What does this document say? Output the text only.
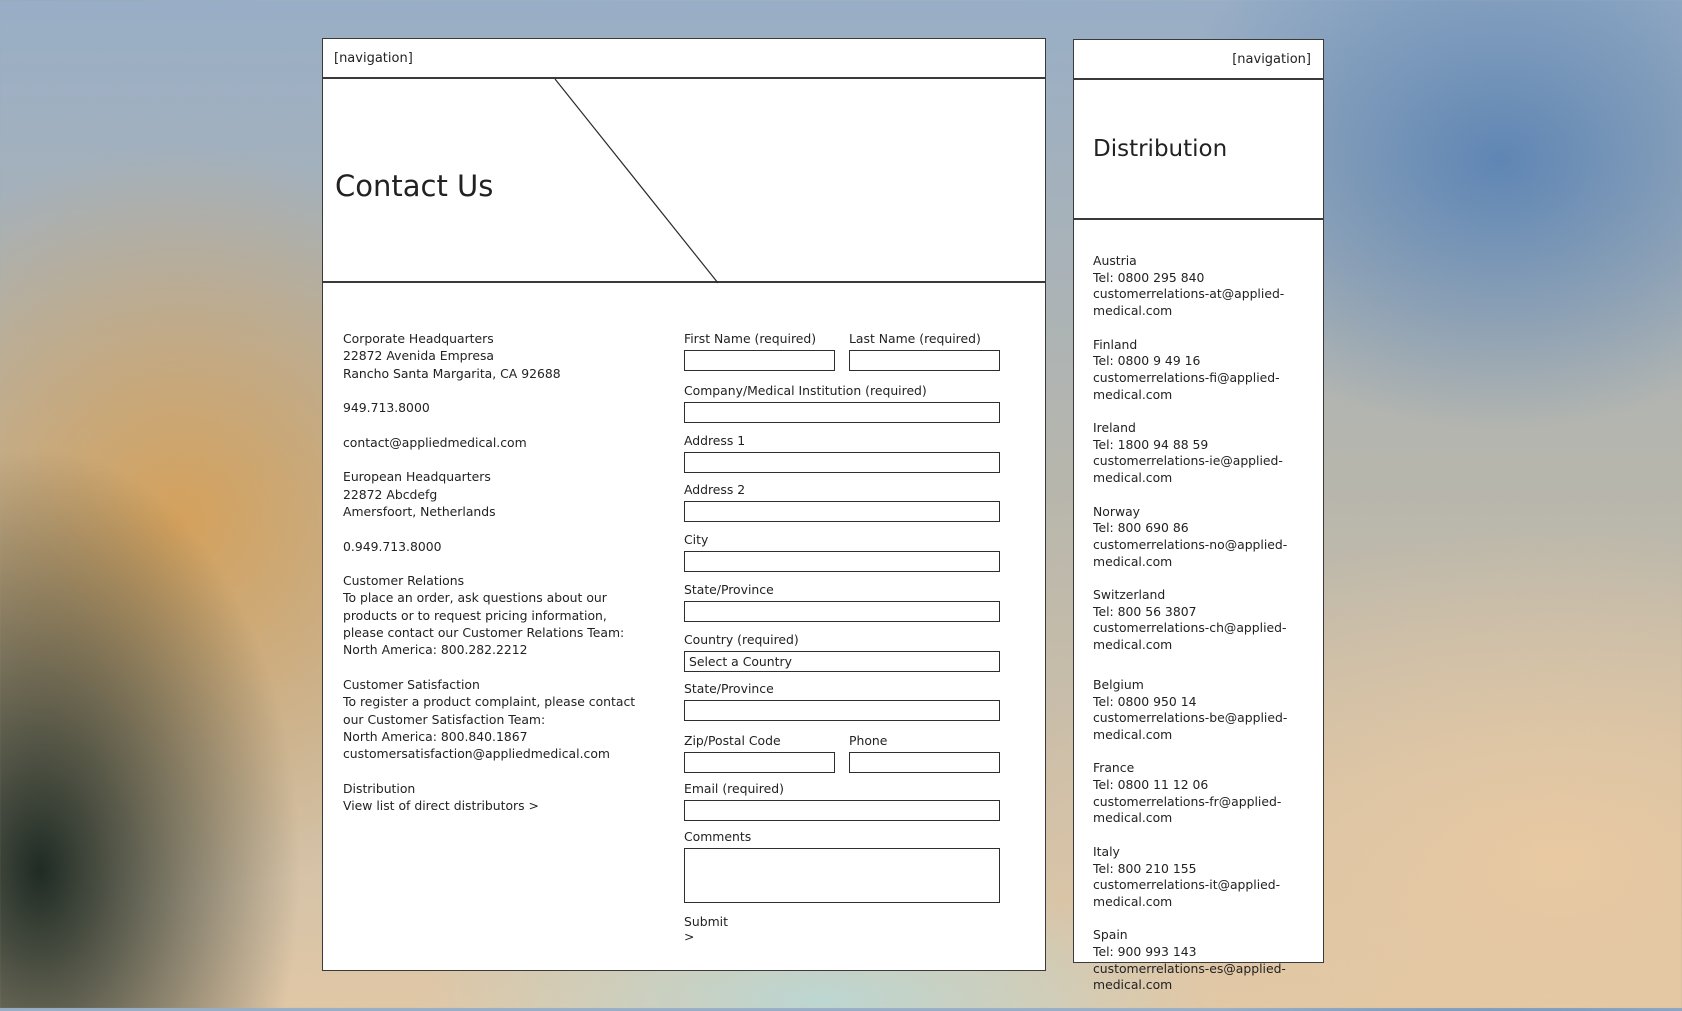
[navigation]
Contact Us
Corporate Headquarters
22872 Avenida Empresa
Rancho Santa Margarita, CA 92688
949.713.8000
contact@appliedmedical.com
European Headquarters
22872 Abcdefg
Amersfoort, Netherlands
0.949.713.8000
Customer Relations
To place an order, ask questions about our
products or to request pricing information,
please contact our Customer Relations Team:
North America: 800.282.2212
Customer Satisfaction
To register a product complaint, please contact
our Customer Satisfaction Team:
North America: 800.840.1867
customersatisfaction@appliedmedical.com
Distribution
View list of direct distributors >
First Name (required)	Last Name (required)
Company/Medical Institution (required)
Address 1
Address 2
City
State/Province
Country (required)
Select a Country
State/Province
Zip/Postal Code	Phone
Email (required)
Comments
Submit >
[navigation]
Distribution
Austria
Tel: 0800 295 840
customerrelations-at@applied-
medical.com
Finland
Tel: 0800 9 49 16
customerrelations-fi@applied-
medical.com
Ireland
Tel: 1800 94 88 59
customerrelations-ie@applied-
medical.com
Norway
Tel: 800 690 86
customerrelations-no@applied-
medical.com
Switzerland
Tel: 800 56 3807
customerrelations-ch@applied-
medical.com
Belgium
Tel: 0800 950 14
customerrelations-be@applied-
medical.com
France
Tel: 0800 11 12 06
customerrelations-fr@applied-
medical.com
Italy
Tel: 800 210 155
customerrelations-it@applied-
medical.com
Spain
Tel: 900 993 143
customerrelations-es@applied-
medical.com
